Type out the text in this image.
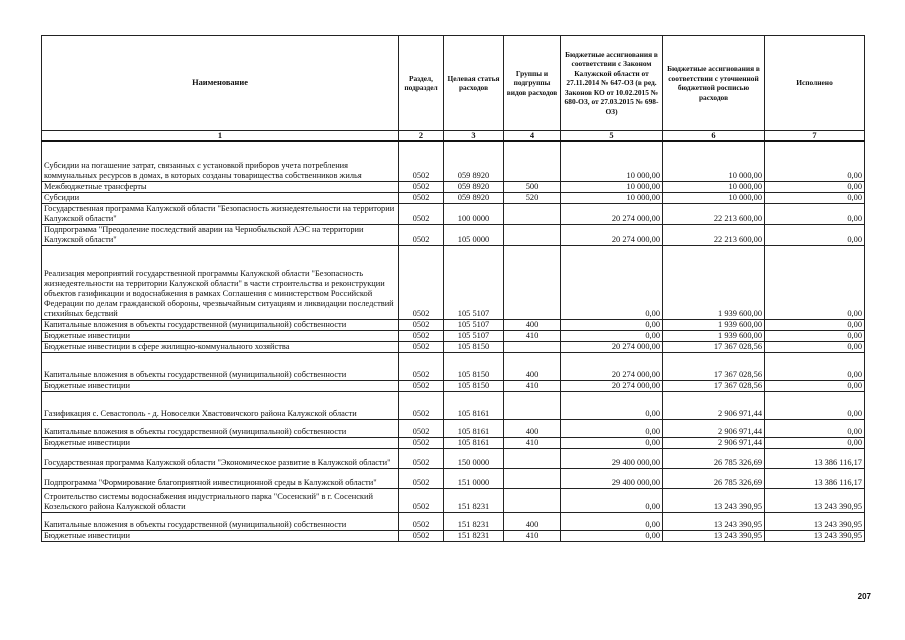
Наименование	Раздел, подраздел	Целевая статья расходов	Группы и подгруппы видов расходов	Бюджетные ассигнования в соответствии с Законом Калужской области от 27.11.2014 № 647-ОЗ (в ред. Законов КО от 10.02.2015 № 680-ОЗ, от 27.03.2015 № 698-ОЗ)	Бюджетные ассигнования в соответствии с уточненной бюджетной росписью расходов	Исполнено
1	2	3	4	5	6	7
Субсидии на погашение затрат, связанных с установкой приборов учета потребления коммунальных ресурсов в домах, в которых созданы товарищества собственников жилья	0502	059 8920		10 000,00	10 000,00	0,00
Межбюджетные трансферты	0502	059 8920	500	10 000,00	10 000,00	0,00
Субсидии	0502	059 8920	520	10 000,00	10 000,00	0,00
Государственная программа Калужской области "Безопасность жизнедеятельности на территории Калужской области"	0502	100 0000		20 274 000,00	22 213 600,00	0,00
Подпрограмма "Преодоление последствий аварии на Чернобыльской АЭС на территории Калужской области"	0502	105 0000		20 274 000,00	22 213 600,00	0,00
Реализация мероприятий государственной программы Калужской области "Безопасность жизнедеятельности на территории Калужской области" в части строительства и реконструкции объектов газификации и водоснабжения в рамках Соглашения с министерством Российской Федерации по делам гражданской обороны, чрезвычайным ситуациям и ликвидации последствий стихийных бедствий	0502	105 5107		0,00	1 939 600,00	0,00
Капитальные вложения в объекты государственной (муниципальной) собственности	0502	105 5107	400	0,00	1 939 600,00	0,00
Бюджетные инвестиции	0502	105 5107	410	0,00	1 939 600,00	0,00
Бюджетные инвестиции в сфере жилищно-коммунального хозяйства	0502	105 8150		20 274 000,00	17 367 028,56	0,00
Капитальные вложения в объекты государственной (муниципальной) собственности	0502	105 8150	400	20 274 000,00	17 367 028,56	0,00
Бюджетные инвестиции	0502	105 8150	410	20 274 000,00	17 367 028,56	0,00
Газификация с. Севастополь - д. Новоселки Хвастовичского района Калужской области	0502	105 8161		0,00	2 906 971,44	0,00
Капитальные вложения в объекты государственной (муниципальной) собственности	0502	105 8161	400	0,00	2 906 971,44	0,00
Бюджетные инвестиции	0502	105 8161	410	0,00	2 906 971,44	0,00
Государственная программа Калужской области "Экономическое развитие в Калужской области"	0502	150 0000		29 400 000,00	26 785 326,69	13 386 116,17
Подпрограмма "Формирование благоприятной инвестиционной среды в Калужской области"	0502	151 0000		29 400 000,00	26 785 326,69	13 386 116,17
Строительство системы водоснабжения индустриального парка "Сосенский" в г. Сосенский Козельского района Калужской области	0502	151 8231		0,00	13 243 390,95	13 243 390,95
Капитальные вложения в объекты государственной (муниципальной) собственности	0502	151 8231	400	0,00	13 243 390,95	13 243 390,95
Бюджетные инвестиции	0502	151 8231	410	0,00	13 243 390,95	13 243 390,95
207
